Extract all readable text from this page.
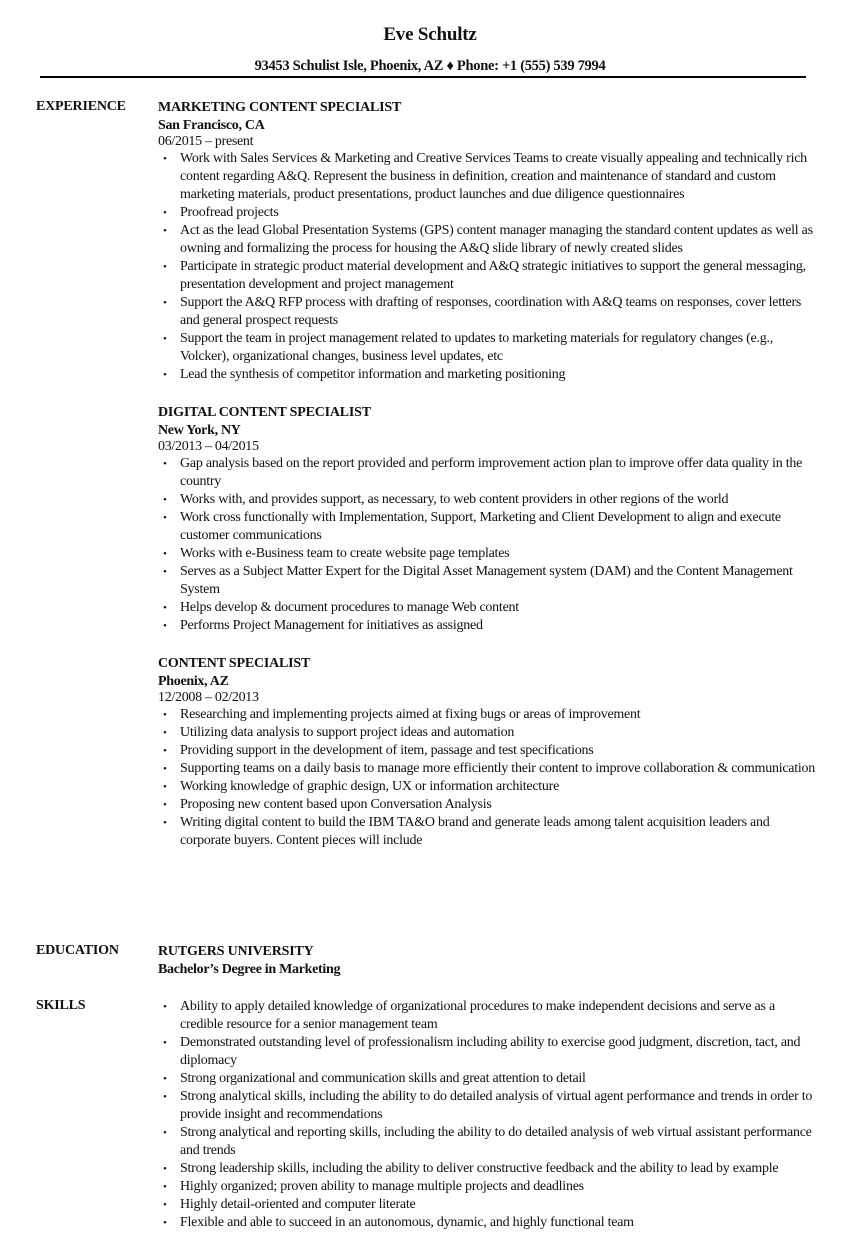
Eve Schultz
93453 Schulist Isle, Phoenix, AZ ♦ Phone: +1 (555) 539 7994
EXPERIENCE MARKETING CONTENT SPECIALIST
San Francisco, CA
06/2015 – present
• Work with Sales Services & Marketing and Creative Services Teams to create visually appealing and technically rich content regarding A&Q. Represent the business in definition, creation and maintenance of standard and custom marketing materials, product presentations, product launches and due diligence questionnaires
• Proofread projects
• Act as the lead Global Presentation Systems (GPS) content manager managing the standard content updates as well as owning and formalizing the process for housing the A&Q slide library of newly created slides
• Participate in strategic product material development and A&Q strategic initiatives to support the general messaging, presentation development and project management
• Support the A&Q RFP process with drafting of responses, coordination with A&Q teams on responses, cover letters and general prospect requests
• Support the team in project management related to updates to marketing materials for regulatory changes (e.g., Volcker), organizational changes, business level updates, etc
• Lead the synthesis of competitor information and marketing positioning
DIGITAL CONTENT SPECIALIST
New York, NY
03/2013 – 04/2015
• Gap analysis based on the report provided and perform improvement action plan to improve offer data quality in the country
• Works with, and provides support, as necessary, to web content providers in other regions of the world
• Work cross functionally with Implementation, Support, Marketing and Client Development to align and execute customer communications
• Works with e-Business team to create website page templates
• Serves as a Subject Matter Expert for the Digital Asset Management system (DAM) and the Content Management System
• Helps develop & document procedures to manage Web content
• Performs Project Management for initiatives as assigned
CONTENT SPECIALIST
Phoenix, AZ
12/2008 – 02/2013
• Researching and implementing projects aimed at fixing bugs or areas of improvement
• Utilizing data analysis to support project ideas and automation
• Providing support in the development of item, passage and test specifications
• Supporting teams on a daily basis to manage more efficiently their content to improve collaboration & communication
• Working knowledge of graphic design, UX or information architecture
• Proposing new content based upon Conversation Analysis
• Writing digital content to build the IBM TA&O brand and generate leads among talent acquisition leaders and corporate buyers. Content pieces will include
EDUCATION	RUTGERS UNIVERSITY
Bachelor’s Degree in Marketing
SKILLS	• Ability to apply detailed knowledge of organizational procedures to make independent decisions and serve as a credible resource for a senior management team
• Demonstrated outstanding level of professionalism including ability to exercise good judgment, discretion, tact, and diplomacy
• Strong organizational and communication skills and great attention to detail
• Strong analytical skills, including the ability to do detailed analysis of virtual agent performance and trends in order to provide insight and recommendations
• Strong analytical and reporting skills, including the ability to do detailed analysis of web virtual assistant performance and trends
• Strong leadership skills, including the ability to deliver constructive feedback and the ability to lead by example
• Highly organized; proven ability to manage multiple projects and deadlines
• Highly detail-oriented and computer literate
• Flexible and able to succeed in an autonomous, dynamic, and highly functional team
